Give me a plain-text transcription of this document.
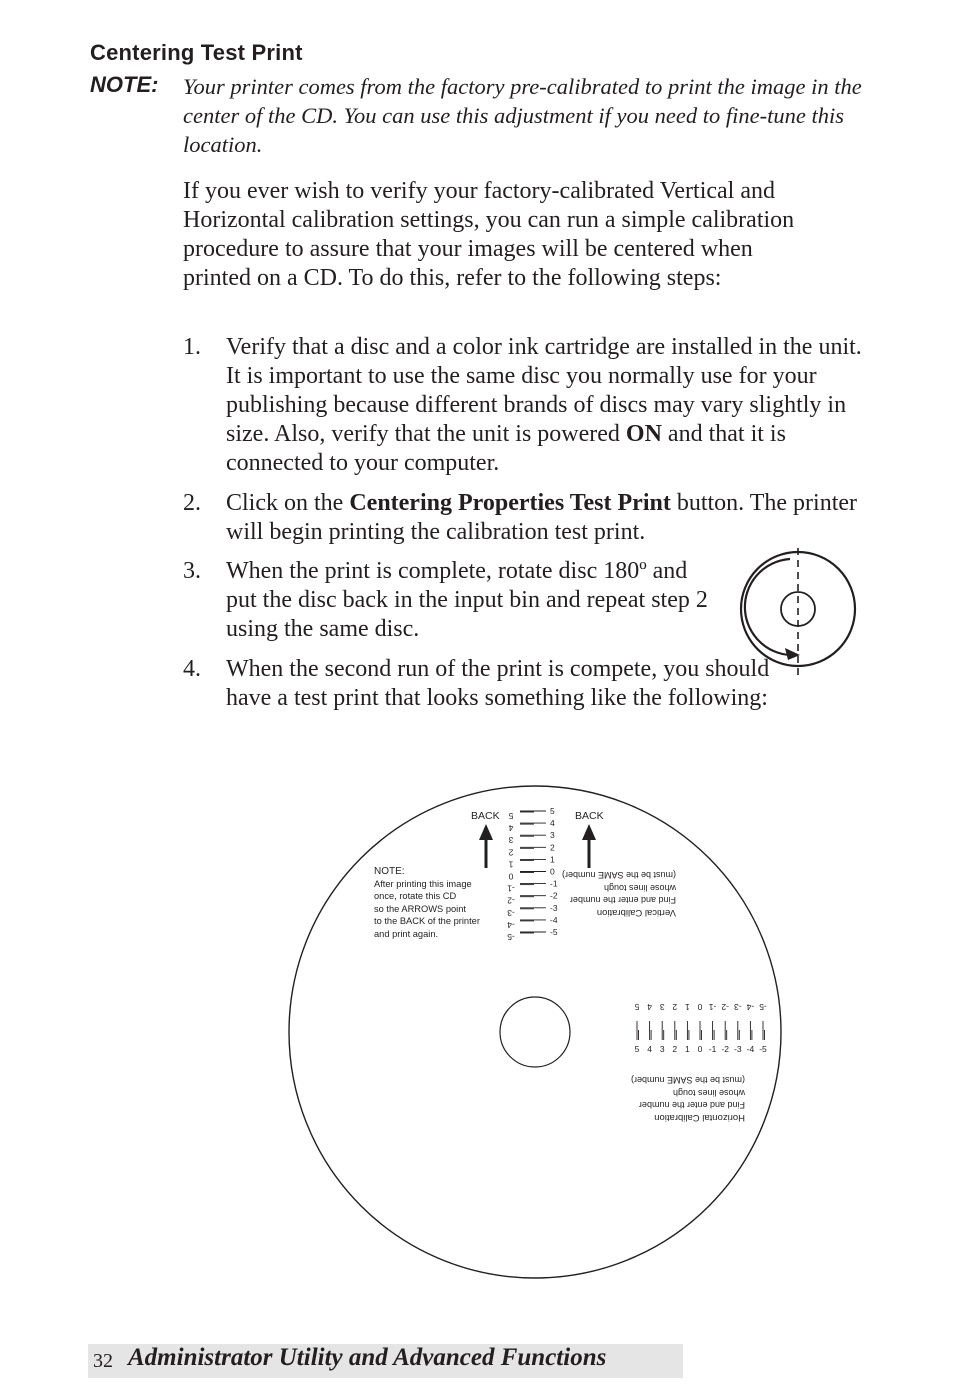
Centering Test Print
NOTE: Your printer comes from the factory pre-calibrated to print the image in the center of the CD. You can use this adjustment if you need to fine-tune this location.

If you ever wish to verify your factory-calibrated Vertical and Horizontal calibration settings, you can run a simple calibration procedure to assure that your images will be centered when printed on a CD. To do this, refer to the following steps:

1. Verify that a disc and a color ink cartridge are installed in the unit. It is important to use the same disc you normally use for your publishing because different brands of discs may vary slightly in size. Also, verify that the unit is powered ON and that it is connected to your computer.
2. Click on the Centering Properties Test Print button. The printer will begin printing the calibration test print.
3. When the print is complete, rotate disc 180º and put the disc back in the input bin and repeat step 2 using the same disc.
4. When the second run of the print is compete, you should have a test print that looks something like the following:
BACK	BACK
NOTE:
After printing this image
once, rotate this CD
so the ARROWS point
to the BACK of the printer
and print again.
5
5
4
4
3
3
2
2
1
1
0
0
-1
-1
-2
-2
-3
-3
-4
-4
-5
-5
Vertical Calibration
Find and enter the number
whose lines tough
(must be the SAME number)
5
5
4
4
3
3
2
2
1
1
0
0
-1
-1
-2
-2
-3
-3
-4
-4
-5
-5
Horizontal Calibration
Find and enter the number
whose lines tough
(must be the SAME number)
32 Administrator Utility and Advanced Functions
